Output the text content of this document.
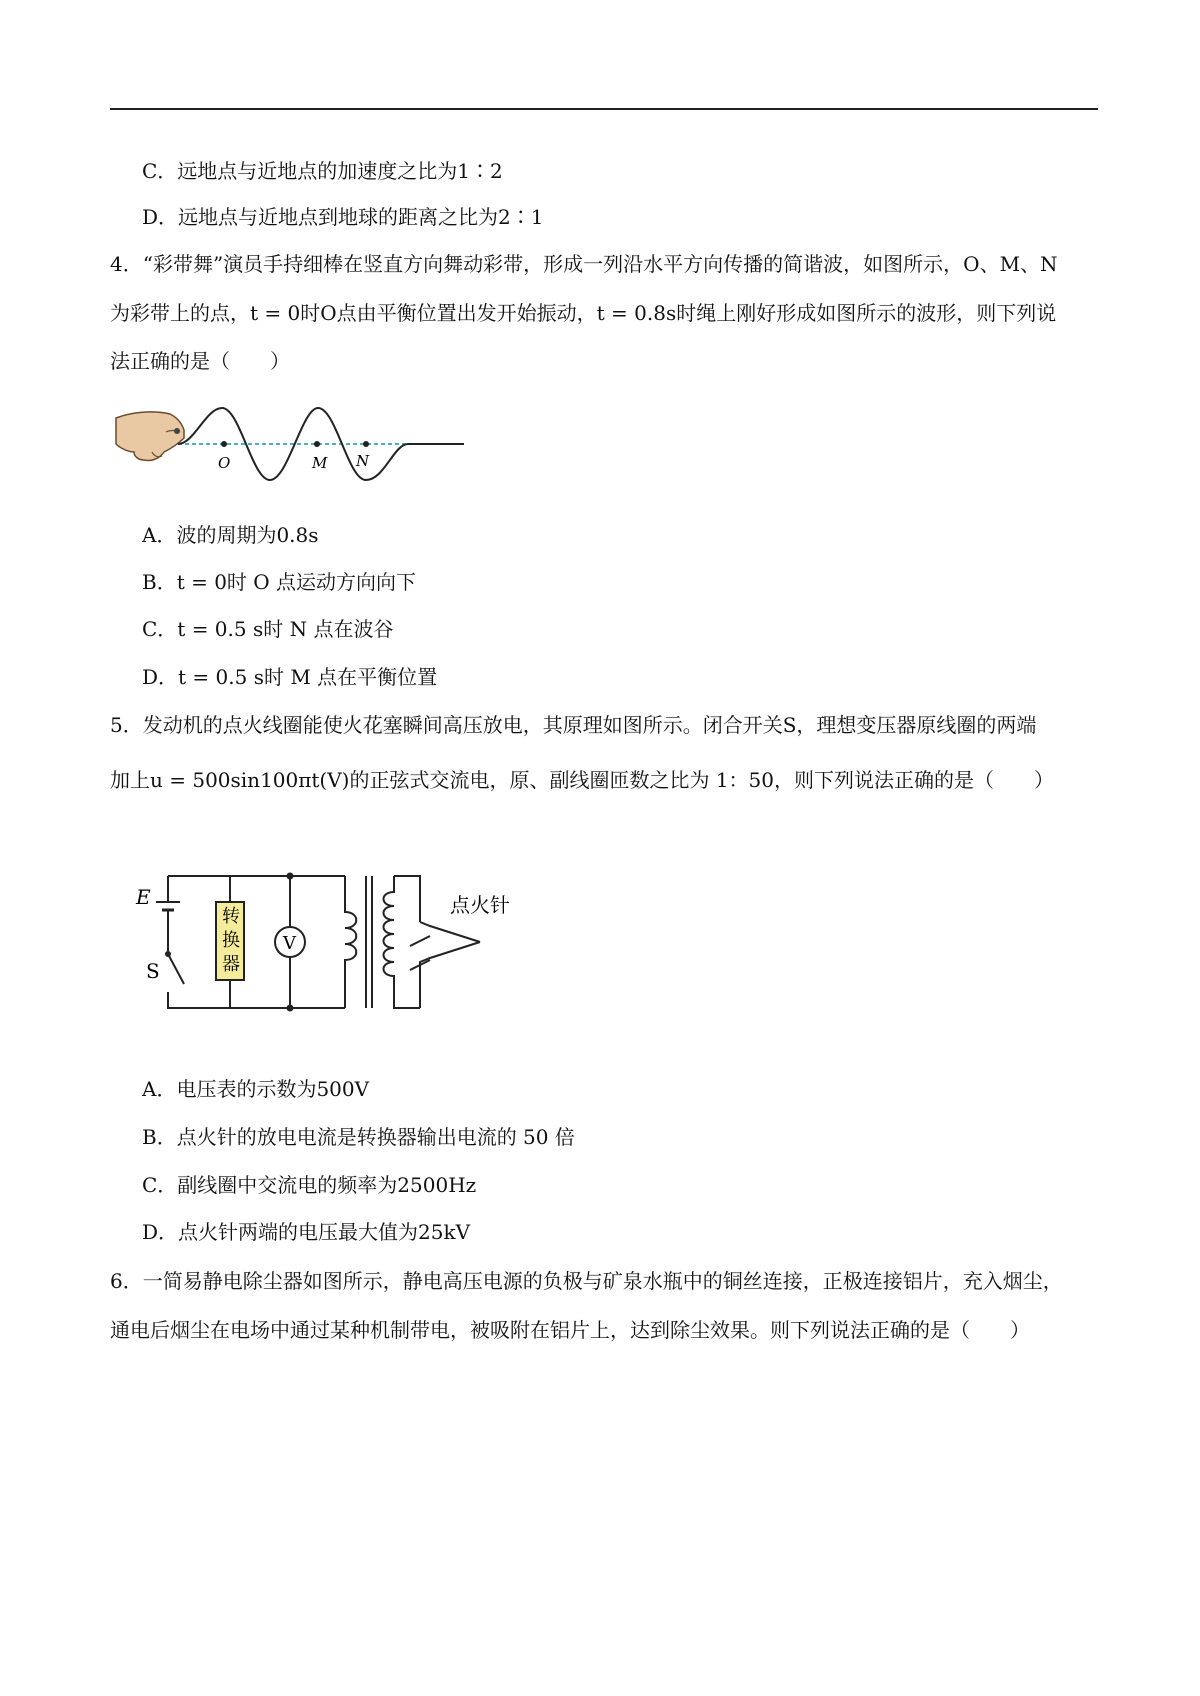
C．远地点与近地点的加速度之比为1∶2
D．远地点与近地点到地球的距离之比为2∶1
4．“彩带舞”演员手持细棒在竖直方向舞动彩带，形成一列沿水平方向传播的简谐波，如图所示，O、M、N
为彩带上的点，t = 0时O点由平衡位置出发开始振动，t = 0.8s时绳上刚好形成如图所示的波形，则下列说
法正确的是（　　）
O	M N
A．波的周期为0.8s
B．t = 0时 O 点运动方向向下
C．t = 0.5 s时 N 点在波谷
D．t = 0.5 s时 M 点在平衡位置
5．发动机的点火线圈能使火花塞瞬间高压放电，其原理如图所示。闭合开关S，理想变压器原线圈的两端
加上u = 500sin100πt(V)的正弦式交流电，原、副线圈匝数之比为 1：50，则下列说法正确的是（　　）
转
换
器
V
E
S
点火针
A．电压表的示数为500V
B．点火针的放电电流是转换器输出电流的 50 倍
C．副线圈中交流电的频率为2500Hz
D．点火针两端的电压最大值为25kV
6．一简易静电除尘器如图所示，静电高压电源的负极与矿泉水瓶中的铜丝连接，正极连接铝片，充入烟尘，
通电后烟尘在电场中通过某种机制带电，被吸附在铝片上，达到除尘效果。则下列说法正确的是（　　）
